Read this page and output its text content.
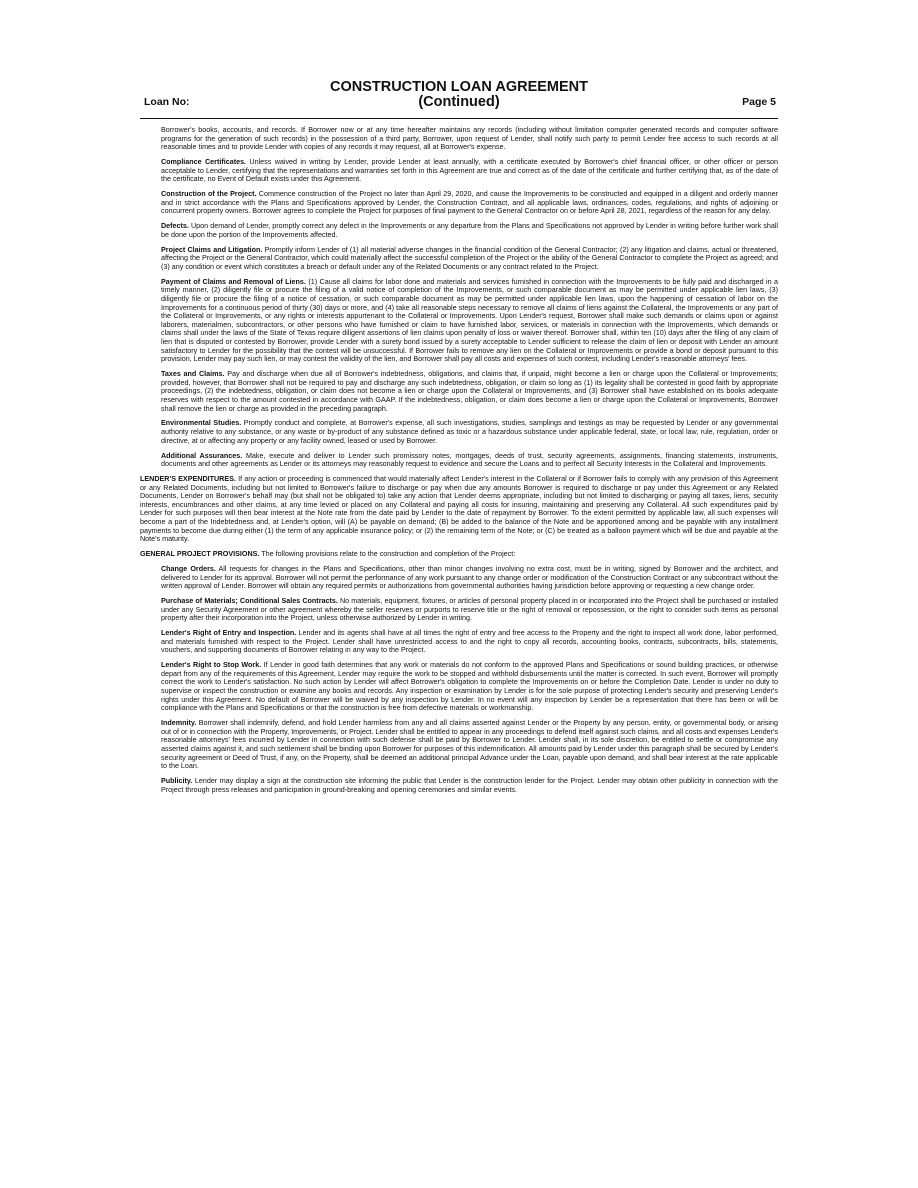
CONSTRUCTION LOAN AGREEMENT
(Continued)
Loan No:	Page 5

Borrower's books, accounts, and records. If Borrower now or at any time hereafter maintains any records (including without limitation computer generated records and computer software programs for the generation of such records) in the possession of a third party, Borrower, upon request of Lender, shall notify such party to permit Lender free access to such records at all reasonable times and to provide Lender with copies of any records it may request, all at Borrower's expense.

Compliance Certificates. Unless waived in writing by Lender, provide Lender at least annually, with a certificate executed by Borrower's chief financial officer, or other officer or person acceptable to Lender, certifying that the representations and warranties set forth in this Agreement are true and correct as of the date of the certificate and further certifying that, as of the date of the certificate, no Event of Default exists under this Agreement.

Construction of the Project. Commence construction of the Project no later than April 29, 2020, and cause the Improvements to be constructed and equipped in a diligent and orderly manner and in strict accordance with the Plans and Specifications approved by Lender, the Construction Contract, and all applicable laws, ordinances, codes, regulations, and rights of adjoining or concurrent property owners. Borrower agrees to complete the Project for purposes of final payment to the General Contractor on or before April 28, 2021, regardless of the reason for any delay.

Defects. Upon demand of Lender, promptly correct any defect in the Improvements or any departure from the Plans and Specifications not approved by Lender in writing before further work shall be done upon the portion of the Improvements affected.

Project Claims and Litigation. Promptly inform Lender of (1) all material adverse changes in the financial condition of the General Contractor; (2) any litigation and claims, actual or threatened, affecting the Project or the General Contractor, which could materially affect the successful completion of the Project or the ability of the General Contractor to complete the Project as agreed; and (3) any condition or event which constitutes a breach or default under any of the Related Documents or any contract related to the Project.

Payment of Claims and Removal of Liens. (1) Cause all claims for labor done and materials and services furnished in connection with the Improvements to be fully paid and discharged in a timely manner, (2) diligently file or procure the filing of a valid notice of completion of the Improvements, or such comparable document as may be permitted under applicable lien laws, (3) diligently file or procure the filing of a notice of cessation, or such comparable document as may be permitted under applicable lien laws, upon the happening of cessation of labor on the Improvements for a continuous period of thirty (30) days or more, and (4) take all reasonable steps necessary to remove all claims of liens against the Collateral, the Improvements or any part of the Collateral or Improvements, or any rights or interests appurtenant to the Collateral or Improvements. Upon Lender's request, Borrower shall make such demands or claims upon or against laborers, materialmen, subcontractors, or other persons who have furnished or claim to have furnished labor, services, or materials in connection with the Improvements, which demands or claims shall under the laws of the State of Texas require diligent assertions of lien claims upon penalty of loss or waiver thereof. Borrower shall, within ten (10) days after the filing of any claim of lien that is disputed or contested by Borrower, provide Lender with a surety bond issued by a surety acceptable to Lender sufficient to release the claim of lien or deposit with Lender an amount satisfactory to Lender for the possibility that the contest will be unsuccessful. If Borrower fails to remove any lien on the Collateral or Improvements or provide a bond or deposit pursuant to this provision, Lender may pay such lien, or may contest the validity of the lien, and Borrower shall pay all costs and expenses of such contest, including Lender's reasonable attorneys' fees.

Taxes and Claims. Pay and discharge when due all of Borrower's indebtedness, obligations, and claims that, if unpaid, might become a lien or charge upon the Collateral or Improvements; provided, however, that Borrower shall not be required to pay and discharge any such indebtedness, obligation, or claim so long as (1) its legality shall be contested in good faith by appropriate proceedings, (2) the indebtedness, obligation, or claim does not become a lien or charge upon the Collateral or Improvements, and (3) Borrower shall have established on its books adequate reserves with respect to the amount contested in accordance with GAAP. If the indebtedness, obligation, or claim does become a lien or charge upon the Collateral or Improvements, Borrower shall remove the lien or charge as provided in the preceding paragraph.

Environmental Studies. Promptly conduct and complete, at Borrower's expense, all such investigations, studies, samplings and testings as may be requested by Lender or any governmental authority relative to any substance, or any waste or by-product of any substance defined as toxic or a hazardous substance under applicable federal, state, or local law, rule, regulation, order or directive, at or affecting any property or any facility owned, leased or used by Borrower.

Additional Assurances. Make, execute and deliver to Lender such promissory notes, mortgages, deeds of trust, security agreements, assignments, financing statements, instruments, documents and other agreements as Lender or its attorneys may reasonably request to evidence and secure the Loans and to perfect all Security Interests in the Collateral and Improvements.

LENDER'S EXPENDITURES. If any action or proceeding is commenced that would materially affect Lender's interest in the Collateral or if Borrower fails to comply with any provision of this Agreement or any Related Documents, including but not limited to Borrower's failure to discharge or pay when due any amounts Borrower is required to discharge or pay under this Agreement or any Related Documents, Lender on Borrower's behalf may (but shall not be obligated to) take any action that Lender deems appropriate, including but not limited to discharging or paying all taxes, liens, security interests, encumbrances and other claims, at any time levied or placed on any Collateral and paying all costs for insuring, maintaining and preserving any Collateral. All such expenditures paid by Lender for such purposes will then bear interest at the Note rate from the date paid by Lender to the date of repayment by Borrower. To the extent permitted by applicable law, all such expenses will become a part of the Indebtedness and, at Lender's option, will (A) be payable on demand; (B) be added to the balance of the Note and be apportioned among and be payable with any installment payments to become due during either (1) the term of any applicable insurance policy; or (2) the remaining term of the Note; or (C) be treated as a balloon payment which will be due and payable at the Note's maturity.

GENERAL PROJECT PROVISIONS. The following provisions relate to the construction and completion of the Project:

Change Orders. All requests for changes in the Plans and Specifications, other than minor changes involving no extra cost, must be in writing, signed by Borrower and the architect, and delivered to Lender for its approval. Borrower will not permit the performance of any work pursuant to any change order or modification of the Construction Contract or any subcontract without the written approval of Lender. Borrower will obtain any required permits or authorizations from governmental authorities having jurisdiction before approving or requesting a new change order.

Purchase of Materials; Conditional Sales Contracts. No materials, equipment, fixtures, or articles of personal property placed in or incorporated into the Project shall be purchased or installed under any Security Agreement or other agreement whereby the seller reserves or purports to reserve title or the right of removal or repossession, or the right to consider such items as personal property after their incorporation into the Project, unless otherwise authorized by Lender in writing.

Lender's Right of Entry and Inspection. Lender and its agents shall have at all times the right of entry and free access to the Property and the right to inspect all work done, labor performed, and materials furnished with respect to the Project. Lender shall have unrestricted access to and the right to copy all records, accounting books, contracts, subcontracts, bills, statements, vouchers, and supporting documents of Borrower relating in any way to the Project.

Lender's Right to Stop Work. If Lender in good faith determines that any work or materials do not conform to the approved Plans and Specifications or sound building practices, or otherwise depart from any of the requirements of this Agreement, Lender may require the work to be stopped and withhold disbursements until the matter is corrected. In such event, Borrower will promptly correct the work to Lender's satisfaction. No such action by Lender will affect Borrower's obligation to complete the Improvements on or before the Completion Date. Lender is under no duty to supervise or inspect the construction or examine any books and records. Any inspection or examination by Lender is for the sole purpose of protecting Lender's security and preserving Lender's rights under this Agreement. No default of Borrower will be waived by any inspection by Lender. In no event will any inspection by Lender be a representation that there has been or will be compliance with the Plans and Specifications or that the construction is free from defective materials or workmanship.

Indemnity. Borrower shall indemnify, defend, and hold Lender harmless from any and all claims asserted against Lender or the Property by any person, entity, or governmental body, or arising out of or in connection with the Property, Improvements, or Project. Lender shall be entitled to appear in any proceedings to defend itself against such claims, and all costs and expenses Lender's reasonable attorneys' fees incurred by Lender in connection with such defense shall be paid by Borrower to Lender. Lender shall, in its sole discretion, be entitled to settle or compromise any asserted claims against it, and such settlement shall be binding upon Borrower for purposes of this indemnification. All amounts paid by Lender under this paragraph shall be secured by Lender's security agreement or Deed of Trust, if any, on the Property, shall be deemed an additional principal Advance under the Loan, payable upon demand, and shall bear interest at the rate applicable to the Loan.

Publicity. Lender may display a sign at the construction site informing the public that Lender is the construction lender for the Project. Lender may obtain other publicity in connection with the Project through press releases and participation in ground-breaking and opening ceremonies and similar events.
